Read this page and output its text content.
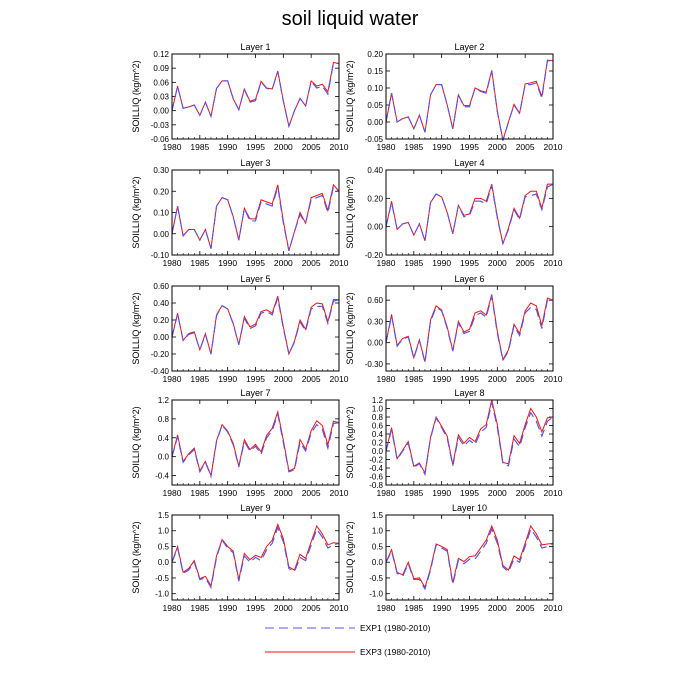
soil liquid water
Layer 1
SOILLIQ (kg/m^2)
1980 1985 1990 1995 2000 2005 2010
-0.06
-0.03
0.00
0.03
0.06
0.09
0.12
Layer 2
SOILLIQ (kg/m^2)
1980 1985 1990 1995 2000 2005 2010
-0.05
0.00
0.05
0.10
0.15
0.20
Layer 3
SOILLIQ (kg/m^2)
1980 1985 1990 1995 2000 2005 2010
-0.10
0.00
0.10
0.20
0.30
Layer 4
SOILLIQ (kg/m^2)
1980 1985 1990 1995 2000 2005 2010
-0.20
0.00
0.20
0.40
Layer 5
SOILLIQ (kg/m^2)
1980 1985 1990 1995 2000 2005 2010
-0.40
-0.20
0.00
0.20
0.40
0.60
Layer 6
SOILLIQ (kg/m^2)
1980 1985 1990 1995 2000 2005 2010
-0.30
0.00
0.30
0.60
Layer 7
SOILLIQ (kg/m^2)
1980 1985 1990 1995 2000 2005 2010
-0.4
0.0
0.4
0.8
1.2
Layer 8
SOILLIQ (kg/m^2)
1980 1985 1990 1995 2000 2005 2010
-0.8
-0.6
-0.4
-0.2
0.0
0.2
0.4
0.6
0.8
1.0
1.2
Layer 9
SOILLIQ (kg/m^2)
1980 1985 1990 1995 2000 2005 2010
-1.0
-0.5
0.0
0.5
1.0
1.5
Layer 10
SOILLIQ (kg/m^2)
1980 1985 1990 1995 2000 2005 2010
-1.0
-0.5
0.0
0.5
1.0
1.5
EXP1 (1980-2010)
EXP3 (1980-2010)
